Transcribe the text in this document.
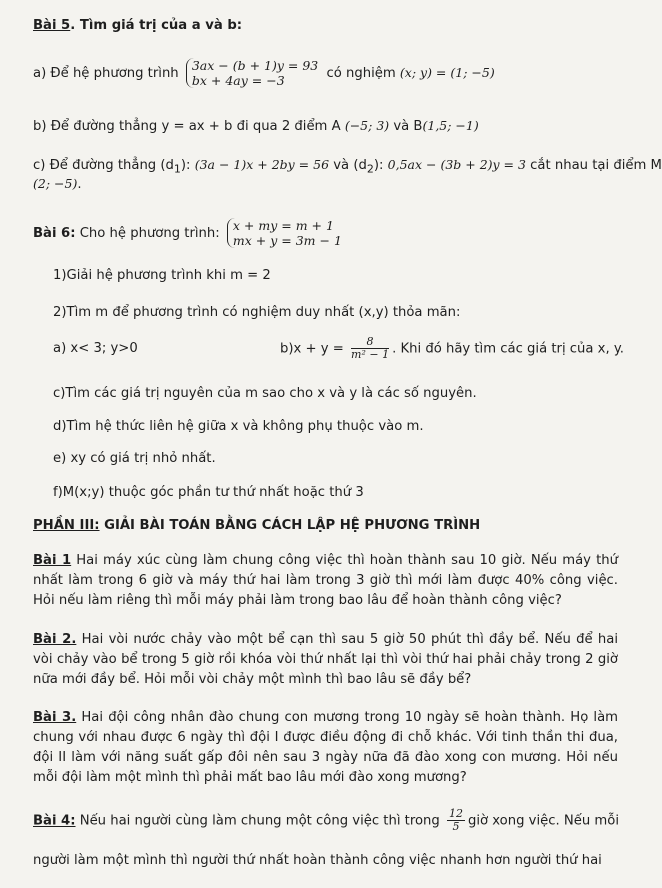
Bài 5. Tìm giá trị của a và b:
a) Để hệ phương trình 3ax − (b + 1)y = 93
bx + 4ay = −3	có nghiệm (x; y) = (1; −5)
b) Để đường thẳng y = ax + b đi qua 2 điểm A (−5; 3) và B(1,5; −1)
c) Để đường thẳng $(d_1)$: (3a − 1)x + 2by = 56 và $(d_2)$: 0,5ax − (3b + 2)y = 3 cắt nhau tại điểm M
(2; −5).
Bài 6: Cho hệ phương trình: x + my = m + 1
mx + y = 3m − 1
1)Giải hệ phương trình khi m = 2
2)Tìm m để phương trình có nghiệm duy nhất (x,y) thỏa mãn:
a) x< 3; y>0	$b)x + y = \frac{8}{\text{m² − 1}}$ . Khi đó hãy tìm các giá trị của x, y.
c)Tìm các giá trị nguyên của m sao cho x và y là các số nguyên.
d)Tìm hệ thức liên hệ giữa x và không phụ thuộc vào m.
e) xy có giá trị nhỏ nhất.
f)M(x;y) thuộc góc phần tư thứ nhất hoặc thứ 3
PHẦN III: GIẢI BÀI TOÁN BẰNG CÁCH LẬP HỆ PHƯƠNG TRÌNH
Bài 1 Hai máy xúc cùng làm chung công việc thì hoàn thành sau 10 giờ. Nếu máy thứ nhất làm trong 6 giờ và máy thứ hai làm trong 3 giờ thì mới làm được 40% công việc. Hỏi nếu làm riêng thì mỗi máy phải làm trong bao lâu để hoàn thành công việc?
Bài 2. Hai vòi nước chảy vào một bể cạn thì sau 5 giờ 50 phút thì đầy bể. Nếu để hai vòi chảy vào bể trong 5 giờ rồi khóa vòi thứ nhất lại thì vòi thứ hai phải chảy trong 2 giờ nữa mới đầy bể. Hỏi mỗi vòi chảy một mình thì bao lâu sẽ đầy bể?
Bài 3. Hai đội công nhân đào chung con mương trong 10 ngày sẽ hoàn thành. Họ làm chung với nhau được 6 ngày thì đội I được điều động đi chỗ khác. Với tinh thần thi đua, đội II làm với năng suất gấp đôi nên sau 3 ngày nữa đã đào xong con mương. Hỏi nếu mỗi đội làm một mình thì phải mất bao lâu mới đào xong mương?
Bài 4: Nếu hai người cùng làm chung một công việc thì trong $\frac{12}{5}$ giờ xong việc. Nếu mỗi
người làm một mình thì người thứ nhất hoàn thành công việc nhanh hơn người thứ hai
